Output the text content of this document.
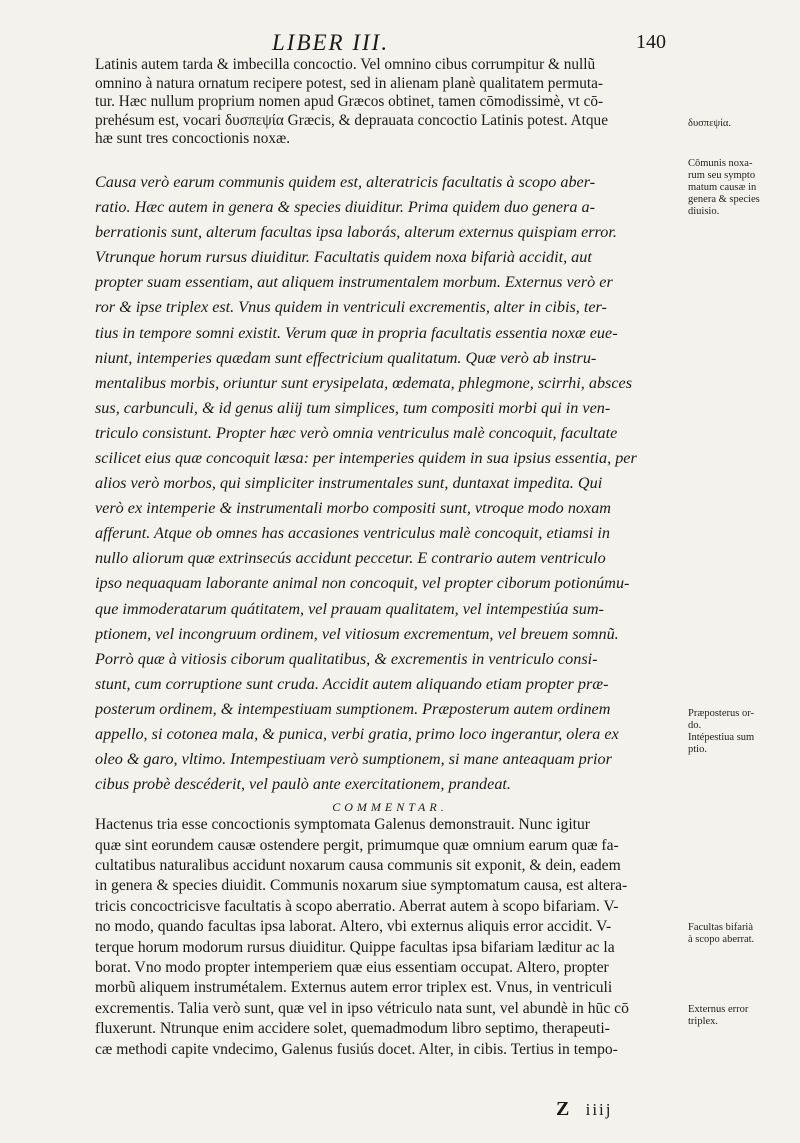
LIBER III.	140
Latinis autem tarda & imbecilla concoctio. Vel omnino cibus corrumpitur & nullũ
omnino à natura ornatum recipere potest, sed in alienam planè qualitatem permuta-
tur. Hæc nullum proprium nomen apud Græcos obtinet, tamen cōmodissimè, vt cō-
prehésum est, vocari δυσπεψία Græcis, & deprauata concoctio Latinis potest. Atque
hæ sunt tres concoctionis noxæ.
Causa verò earum communis quidem est, alteratricis facultatis à scopo aber-
ratio. Hæc autem in genera & species diuiditur. Prima quidem duo genera a-
berrationis sunt, alterum facultas ipsa laborás, alterum externus quispiam error.
Vtrunque horum rursus diuiditur. Facultatis quidem noxa bifarià accidit, aut
propter suam essentiam, aut aliquem instrumentalem morbum. Externus verò er
ror & ipse triplex est. Vnus quidem in ventriculi excrementis, alter in cibis, ter-
tius in tempore somni existit. Verum quæ in propria facultatis essentia noxæ eue-
niunt, intemperies quædam sunt effectricium qualitatum. Quæ verò ab instru-
mentalibus morbis, oriuntur sunt erysipelata, œdemata, phlegmone, scirrhi, absces
sus, carbunculi, & id genus aliĳ tum simplices, tum compositi morbi qui in ven-
triculo consistunt. Propter hæc verò omnia ventriculus malè concoquit, facultate
scilicet eius quæ concoquit læsa: per intemperies quidem in sua ipsius essentia, per
alios verò morbos, qui simpliciter instrumentales sunt, duntaxat impedita. Qui
verò ex intemperie & instrumentali morbo compositi sunt, vtroque modo noxam
afferunt. Atque ob omnes has accasiones ventriculus malè concoquit, etiamsi in
nullo aliorum quæ extrinsecús accidunt peccetur. E contrario autem ventriculo
ipso nequaquam laborante animal non concoquit, vel propter ciborum potionúmu-
que immoderatarum quátitatem, vel prauam qualitatem, vel intempestiúa sum-
ptionem, vel incongruum ordinem, vel vitiosum excrementum, vel breuem somnũ.
Porrò quæ à vitiosis ciborum qualitatibus, & excrementis in ventriculo consi-
stunt, cum corruptione sunt cruda. Accidit autem aliquando etiam propter præ-
posterum ordinem, & intempestiuam sumptionem. Præposterum autem ordinem
appello, si cotonea mala, & punica, verbi gratia, primo loco ingerantur, olera ex
oleo & garo, vltimo. Intempestiuam verò sumptionem, si mane anteaquam prior
cibus probè descéderit, vel paulò ante exercitationem, prandeat.
COMMENTAR.
Hactenus tria esse concoctionis symptomata Galenus demonstrauit. Nunc igitur
quæ sint eorundem causæ ostendere pergit, primumque quæ omnium earum quæ fa-
cultatibus naturalibus accidunt noxarum causa communis sit exponit, & dein, eadem
in genera & species diuidit. Communis noxarum siue symptomatum causa, est altera-
tricis concoctricisve facultatis à scopo aberratio. Aberrat autem à scopo bifariam. V-
no modo, quando facultas ipsa laborat. Altero, vbi externus aliquis error accidit. V-
terque horum modorum rursus diuiditur. Quippe facultas ipsa bifariam læditur ac la
borat. Vno modo propter intemperiem quæ eius essentiam occupat. Altero, propter
morbũ aliquem instrumétalem. Externus autem error triplex est. Vnus, in ventriculi
excrementis. Talia verò sunt, quæ vel in ipso vétriculo nata sunt, vel abundè in hūc cō
fluxerunt. Ntrunque enim accidere solet, quemadmodum libro septimo, therapeuti-
cæ methodi capite vndecimo, Galenus fusiús docet. Alter, in cibis. Tertius in tempo-
δυσπεψία.
Cōmunis noxa-
rum seu sympto
matum causæ in
genera & species
diuisio.
Præposterus or-
do.
Intépestiua sum
ptio.
Facultas bifarià
à scopo aberrat.
Externus error
triplex.
Z iiij
